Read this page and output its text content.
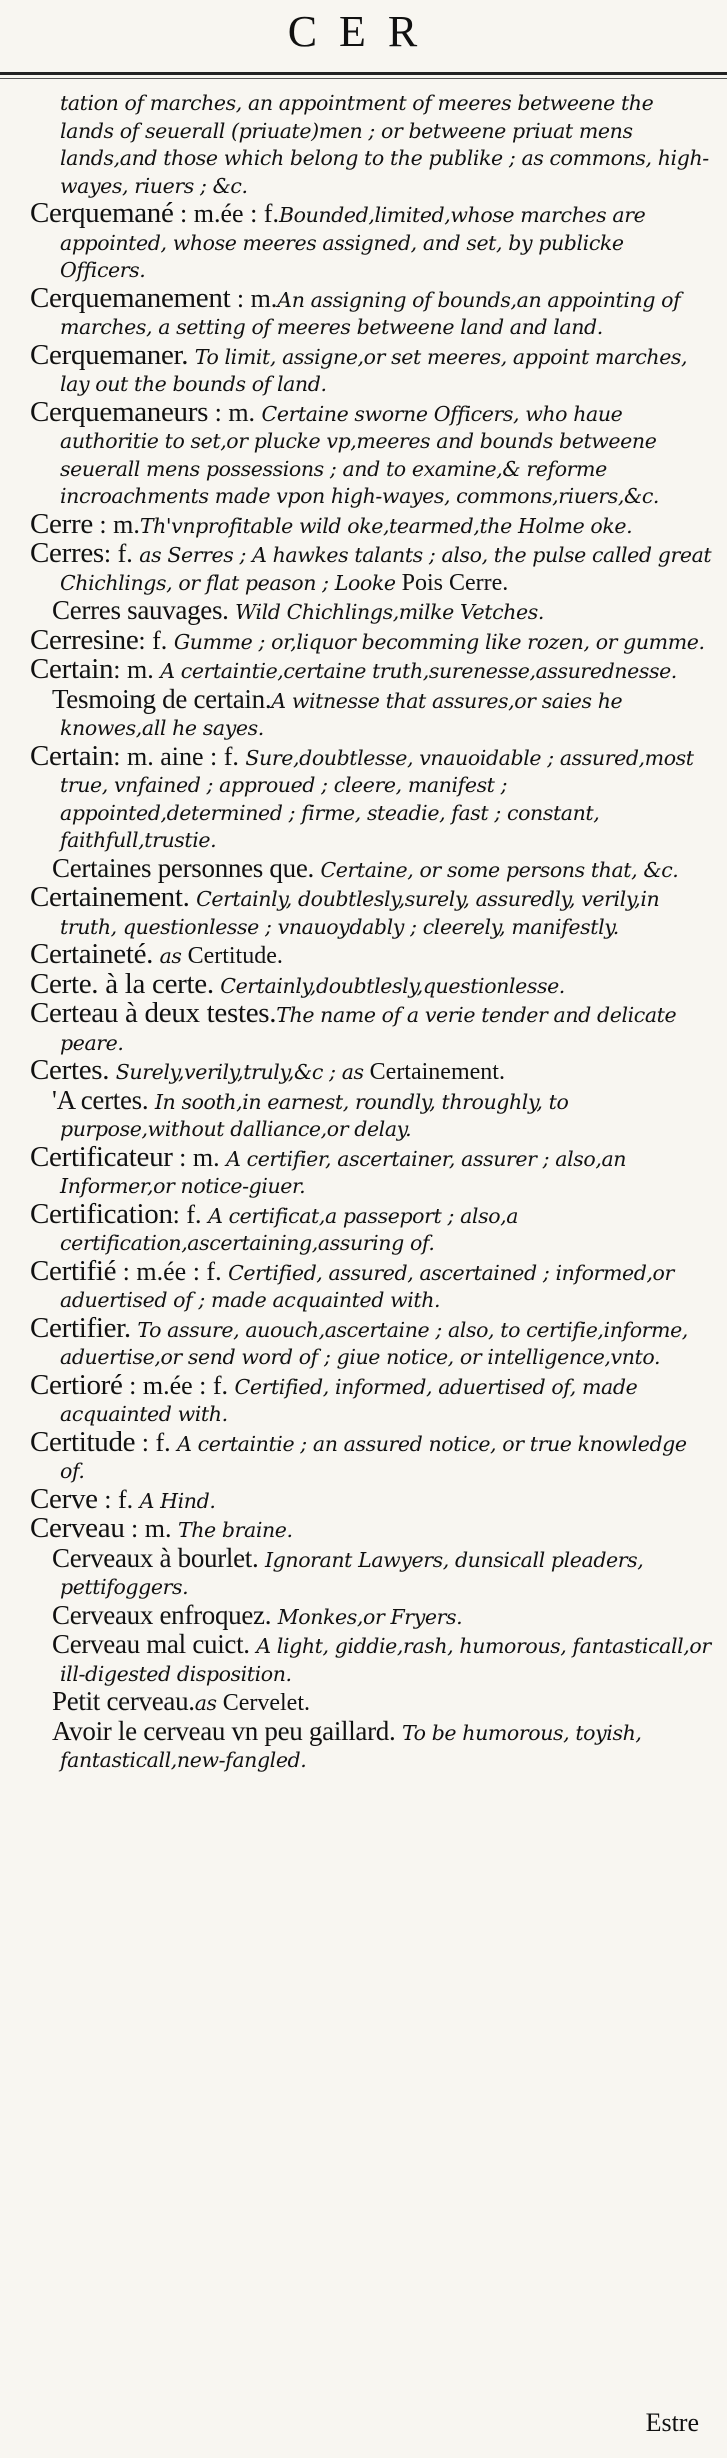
CER

tation of marches, an appointment of meeres betweene the lands of seuerall (priuate)men ; or betweene priuat mens lands,and those which belong to the publike ; as commons, high-wayes, riuers ; &c.

Cerquemané : m.ée : f.Bounded,limited,whose marches are appointed, whose meeres assigned, and set, by publicke Officers.

Cerquemanement : m.An assigning of bounds,an appointing of marches, a setting of meeres betweene land and land.

Cerquemaner. To limit, assigne,or set meeres, appoint marches, lay out the bounds of land.

Cerquemaneurs : m. Certaine sworne Officers, who haue authoritie to set,or plucke vp,meeres and bounds betweene seuerall mens possessions ; and to examine,& reforme incroachments made vpon high-wayes, commons,riuers,&c.

Cerre : m.Th'vnprofitable wild oke,tearmed,the Holme oke.

Cerres: f. as Serres ; A hawkes talants ; also, the pulse called great Chichlings, or flat peason ; Looke Pois Cerre.

Cerres sauvages. Wild Chichlings,milke Vetches.

Cerresine: f. Gumme ; or,liquor becomming like rozen, or gumme.

Certain: m. A certaintie,certaine truth,surenesse,assurednesse.

Tesmoing de certain.A witnesse that assures,or saies he knowes,all he sayes.

Certain: m. aine : f. Sure,doubtlesse, vnauoidable ; assured,most true, vnfained ; approued ; cleere, manifest ; appointed,determined ; firme, steadie, fast ; constant, faithfull,trustie.

Certaines personnes que. Certaine, or some persons that, &c.

Certainement. Certainly, doubtlesly,surely, assuredly, verily,in truth, questionlesse ; vnauoydably ; cleerely, manifestly.

Certaineté. as Certitude.

Certe. à la certe. Certainly,doubtlesly,questionlesse.

Certeau à deux testes.The name of a verie tender and delicate peare.

Certes. Surely,verily,truly,&c ; as Certainement.

'A certes. In sooth,in earnest, roundly, throughly, to purpose,without dalliance,or delay.

Certificateur : m. A certifier, ascertainer, assurer ; also,an Informer,or notice-giuer.

Certification: f. A certificat,a passeport ; also,a certification,ascertaining,assuring of.

Certifié : m.ée : f. Certified, assured, ascertained ; informed,or aduertised of ; made acquainted with.

Certifier. To assure, auouch,ascertaine ; also, to certifie,informe, aduertise,or send word of ; giue notice, or intelligence,vnto.

Certioré : m.ée : f. Certified, informed, aduertised of, made acquainted with.

Certitude : f. A certaintie ; an assured notice, or true knowledge of.

Cerve : f. A Hind.

Cerveau : m. The braine.

Cerveaux à bourlet. Ignorant Lawyers, dunsicall pleaders, pettifoggers.

Cerveaux enfroquez. Monkes,or Fryers.

Cerveau mal cuict. A light, giddie,rash, humorous, fantasticall,or ill-digested disposition.

Petit cerveau.as Cervelet.

Avoir le cerveau vn peu gaillard. To be humorous, toyish, fantasticall,new-fangled.

Estre
